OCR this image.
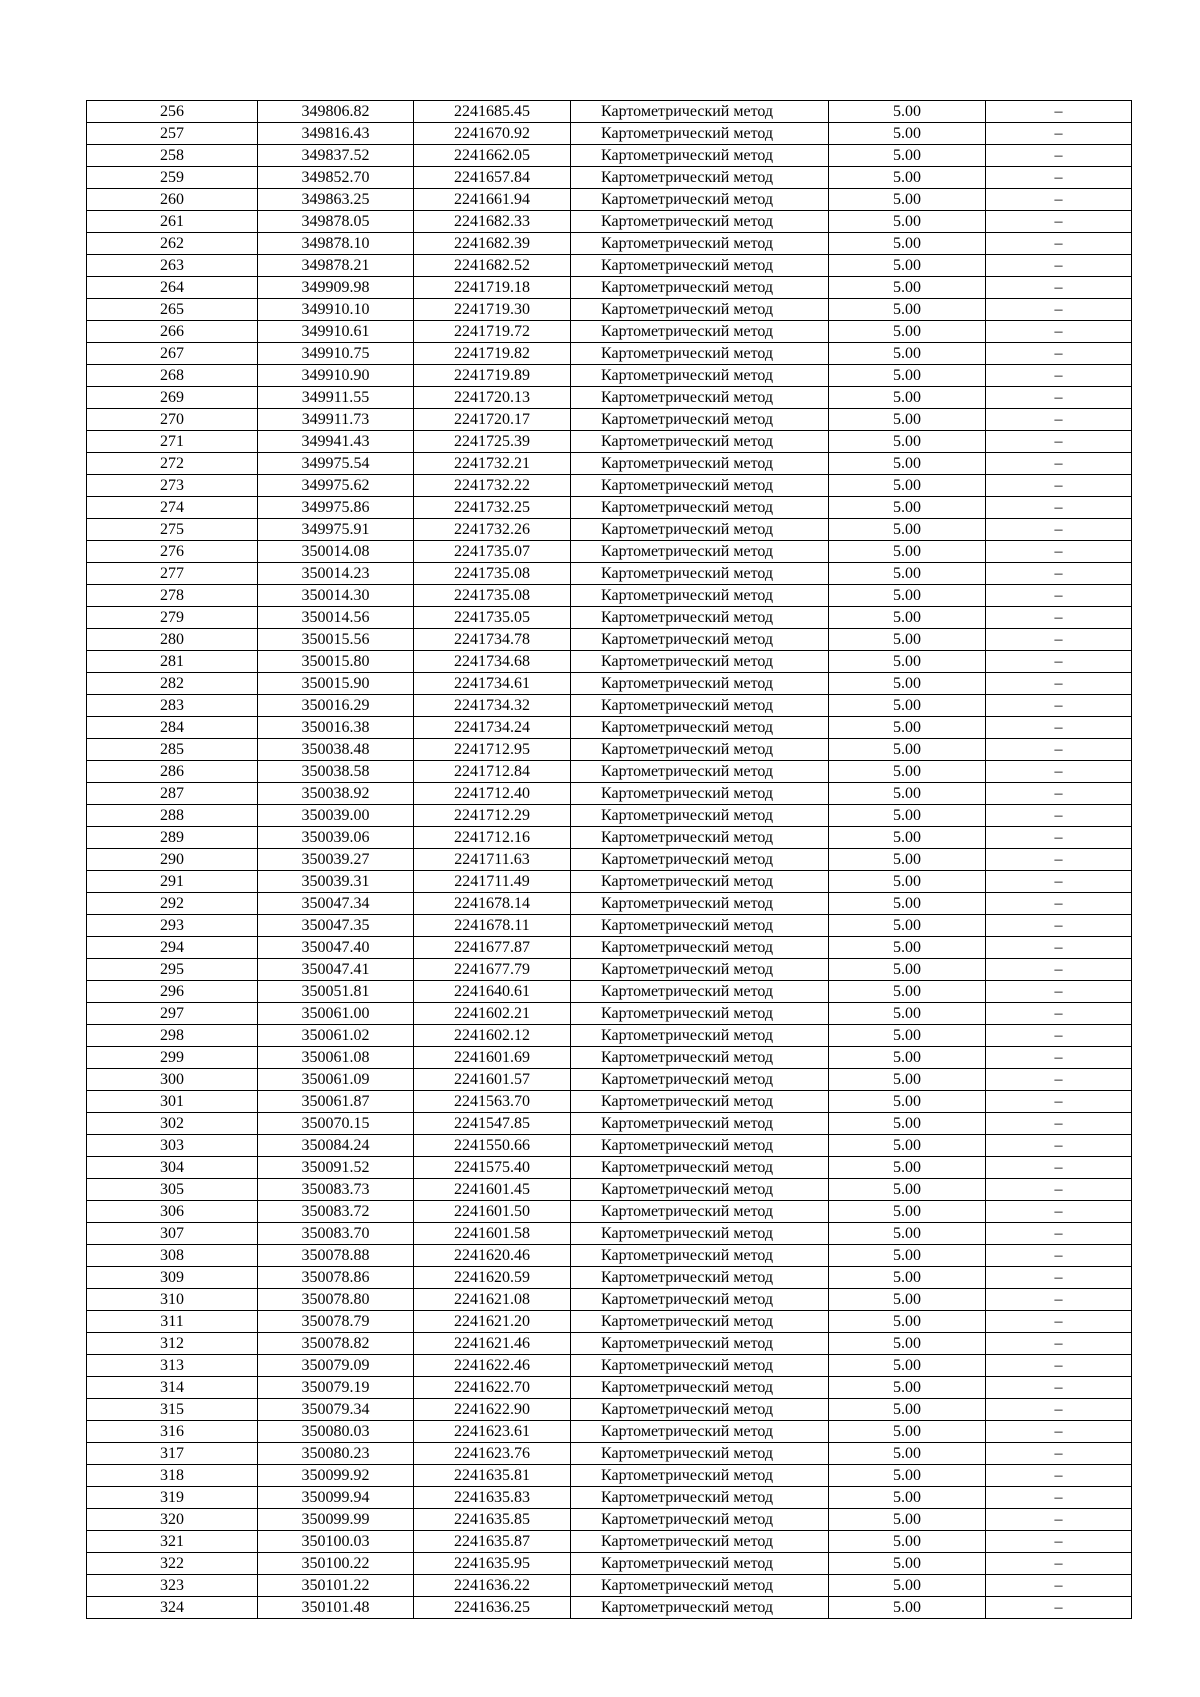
256	349806.82	2241685.45	Картометрический метод	5.00	–
257	349816.43	2241670.92	Картометрический метод	5.00	–
258	349837.52	2241662.05	Картометрический метод	5.00	–
259	349852.70	2241657.84	Картометрический метод	5.00	–
260	349863.25	2241661.94	Картометрический метод	5.00	–
261	349878.05	2241682.33	Картометрический метод	5.00	–
262	349878.10	2241682.39	Картометрический метод	5.00	–
263	349878.21	2241682.52	Картометрический метод	5.00	–
264	349909.98	2241719.18	Картометрический метод	5.00	–
265	349910.10	2241719.30	Картометрический метод	5.00	–
266	349910.61	2241719.72	Картометрический метод	5.00	–
267	349910.75	2241719.82	Картометрический метод	5.00	–
268	349910.90	2241719.89	Картометрический метод	5.00	–
269	349911.55	2241720.13	Картометрический метод	5.00	–
270	349911.73	2241720.17	Картометрический метод	5.00	–
271	349941.43	2241725.39	Картометрический метод	5.00	–
272	349975.54	2241732.21	Картометрический метод	5.00	–
273	349975.62	2241732.22	Картометрический метод	5.00	–
274	349975.86	2241732.25	Картометрический метод	5.00	–
275	349975.91	2241732.26	Картометрический метод	5.00	–
276	350014.08	2241735.07	Картометрический метод	5.00	–
277	350014.23	2241735.08	Картометрический метод	5.00	–
278	350014.30	2241735.08	Картометрический метод	5.00	–
279	350014.56	2241735.05	Картометрический метод	5.00	–
280	350015.56	2241734.78	Картометрический метод	5.00	–
281	350015.80	2241734.68	Картометрический метод	5.00	–
282	350015.90	2241734.61	Картометрический метод	5.00	–
283	350016.29	2241734.32	Картометрический метод	5.00	–
284	350016.38	2241734.24	Картометрический метод	5.00	–
285	350038.48	2241712.95	Картометрический метод	5.00	–
286	350038.58	2241712.84	Картометрический метод	5.00	–
287	350038.92	2241712.40	Картометрический метод	5.00	–
288	350039.00	2241712.29	Картометрический метод	5.00	–
289	350039.06	2241712.16	Картометрический метод	5.00	–
290	350039.27	2241711.63	Картометрический метод	5.00	–
291	350039.31	2241711.49	Картометрический метод	5.00	–
292	350047.34	2241678.14	Картометрический метод	5.00	–
293	350047.35	2241678.11	Картометрический метод	5.00	–
294	350047.40	2241677.87	Картометрический метод	5.00	–
295	350047.41	2241677.79	Картометрический метод	5.00	–
296	350051.81	2241640.61	Картометрический метод	5.00	–
297	350061.00	2241602.21	Картометрический метод	5.00	–
298	350061.02	2241602.12	Картометрический метод	5.00	–
299	350061.08	2241601.69	Картометрический метод	5.00	–
300	350061.09	2241601.57	Картометрический метод	5.00	–
301	350061.87	2241563.70	Картометрический метод	5.00	–
302	350070.15	2241547.85	Картометрический метод	5.00	–
303	350084.24	2241550.66	Картометрический метод	5.00	–
304	350091.52	2241575.40	Картометрический метод	5.00	–
305	350083.73	2241601.45	Картометрический метод	5.00	–
306	350083.72	2241601.50	Картометрический метод	5.00	–
307	350083.70	2241601.58	Картометрический метод	5.00	–
308	350078.88	2241620.46	Картометрический метод	5.00	–
309	350078.86	2241620.59	Картометрический метод	5.00	–
310	350078.80	2241621.08	Картометрический метод	5.00	–
311	350078.79	2241621.20	Картометрический метод	5.00	–
312	350078.82	2241621.46	Картометрический метод	5.00	–
313	350079.09	2241622.46	Картометрический метод	5.00	–
314	350079.19	2241622.70	Картометрический метод	5.00	–
315	350079.34	2241622.90	Картометрический метод	5.00	–
316	350080.03	2241623.61	Картометрический метод	5.00	–
317	350080.23	2241623.76	Картометрический метод	5.00	–
318	350099.92	2241635.81	Картометрический метод	5.00	–
319	350099.94	2241635.83	Картометрический метод	5.00	–
320	350099.99	2241635.85	Картометрический метод	5.00	–
321	350100.03	2241635.87	Картометрический метод	5.00	–
322	350100.22	2241635.95	Картометрический метод	5.00	–
323	350101.22	2241636.22	Картометрический метод	5.00	–
324	350101.48	2241636.25	Картометрический метод	5.00	–
